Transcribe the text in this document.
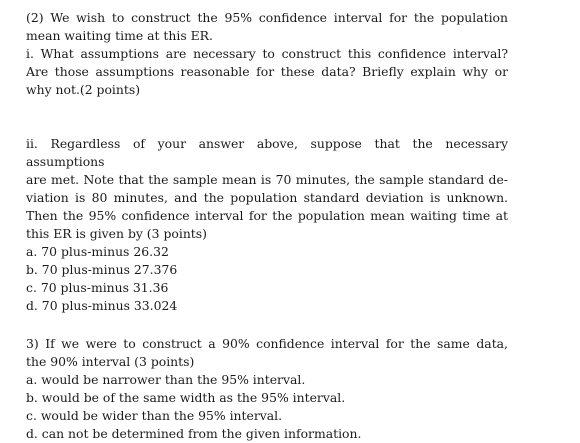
(2) We wish to construct the 95% confidence interval for the population
mean waiting time at this ER.
i. What assumptions are necessary to construct this confidence interval?
Are those assumptions reasonable for these data? Briefly explain why or
why not.(2 points)
ii. Regardless of your answer above, suppose that the necessary assumptions
are met. Note that the sample mean is 70 minutes, the sample standard de-
viation is 80 minutes, and the population standard deviation is unknown.
Then the 95% confidence interval for the population mean waiting time at
this ER is given by (3 points)
a. 70 plus-minus 26.32
b. 70 plus-minus 27.376
c. 70 plus-minus 31.36
d. 70 plus-minus 33.024
3) If we were to construct a 90% confidence interval for the same data,
the 90% interval (3 points)
a. would be narrower than the 95% interval.
b. would be of the same width as the 95% interval.
c. would be wider than the 95% interval.
d. can not be determined from the given information.
